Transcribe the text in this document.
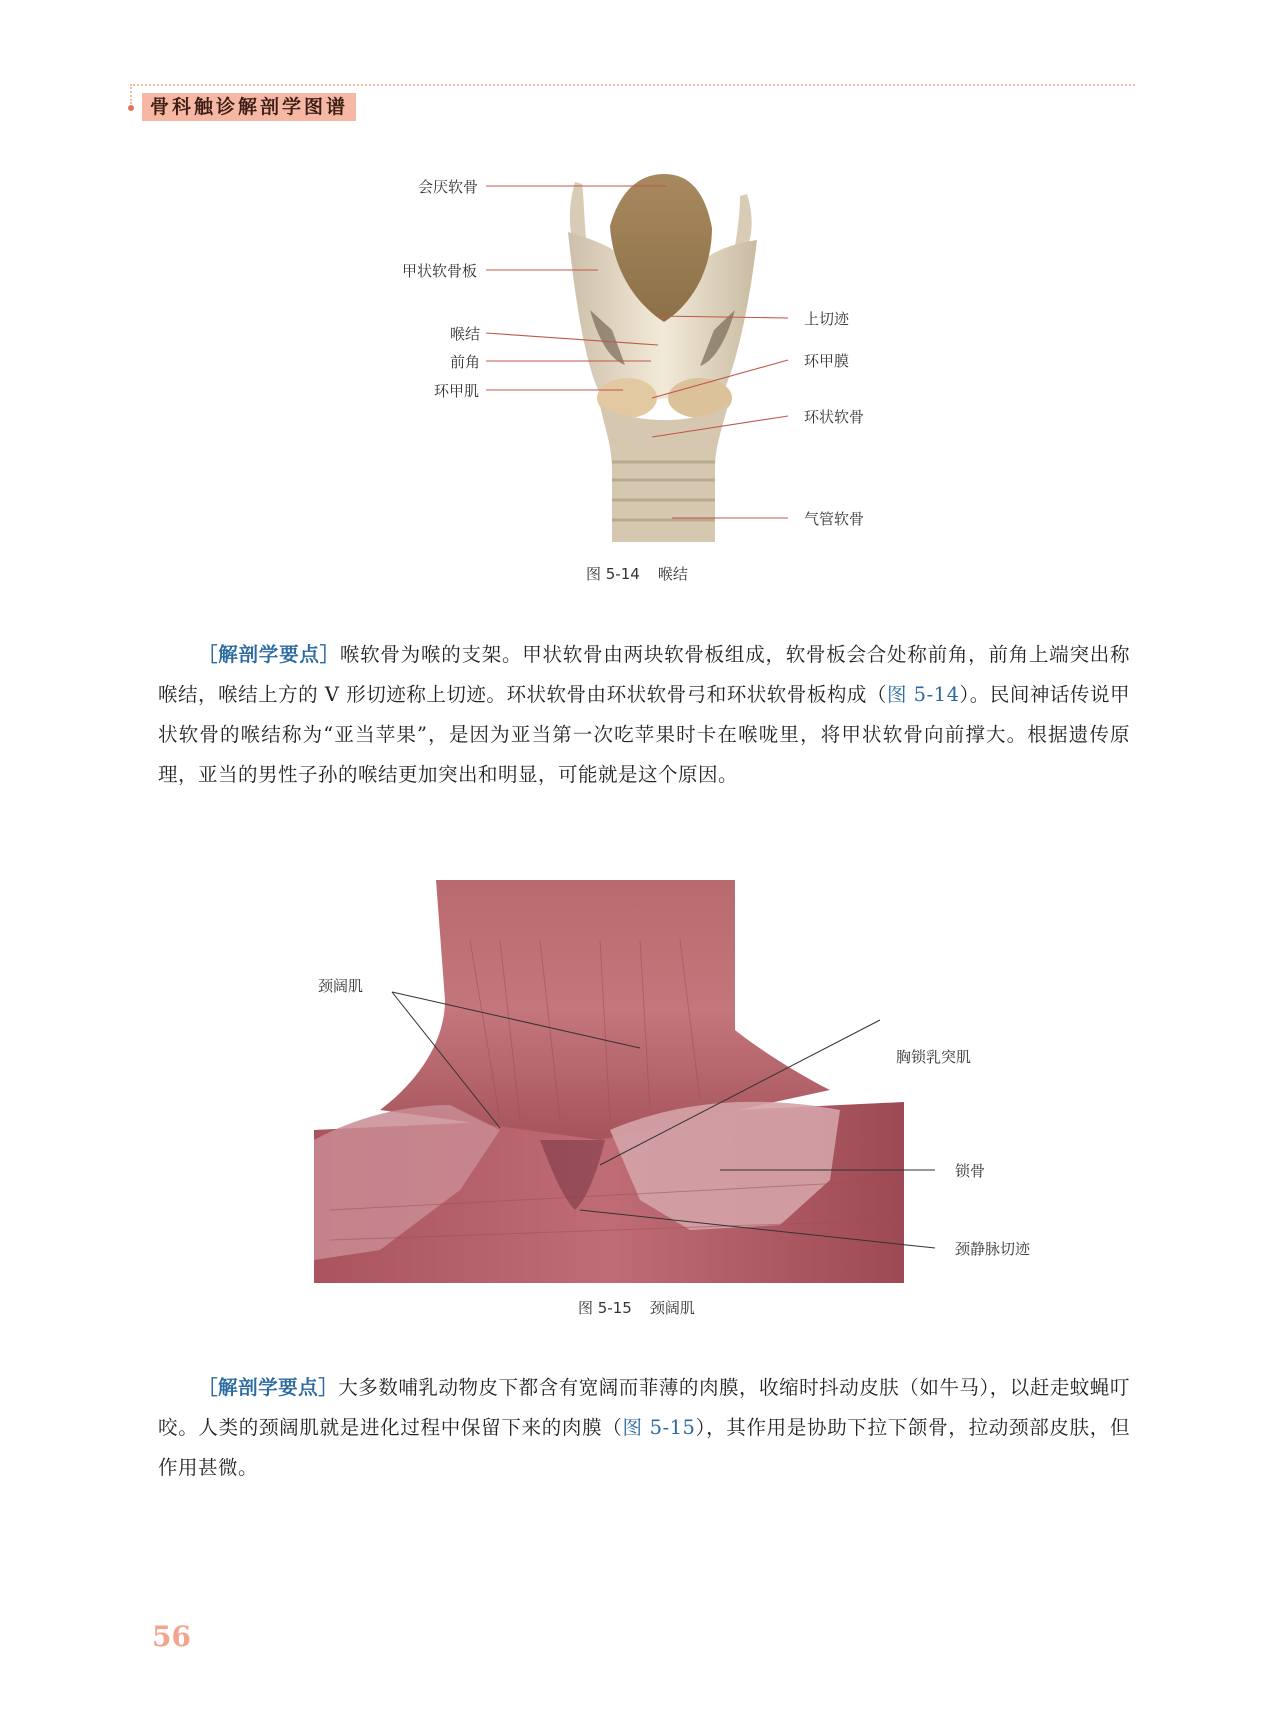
骨科触诊解剖学图谱
会厌软骨
甲状软骨板
喉结
前角
环甲肌
上切迹
环甲膜
环状软骨
气管软骨
图 5-14 喉结
［解剖学要点］喉软骨为喉的支架。甲状软骨由两块软骨板组成，软骨板会合处称前角，前角上端突出称喉结，喉结上方的 V 形切迹称上切迹。环状软骨由环状软骨弓和环状软骨板构成（图 5-14）。民间神话传说甲状软骨的喉结称为“亚当苹果”，是因为亚当第一次吃苹果时卡在喉咙里，将甲状软骨向前撑大。根据遗传原理，亚当的男性子孙的喉结更加突出和明显，可能就是这个原因。
颈阔肌
胸锁乳突肌
锁骨
颈静脉切迹
图 5-15 颈阔肌
［解剖学要点］大多数哺乳动物皮下都含有宽阔而菲薄的肉膜，收缩时抖动皮肤（如牛马），以赶走蚊蝇叮咬。人类的颈阔肌就是进化过程中保留下来的肉膜（图 5-15），其作用是协助下拉下颌骨，拉动颈部皮肤，但作用甚微。
56
